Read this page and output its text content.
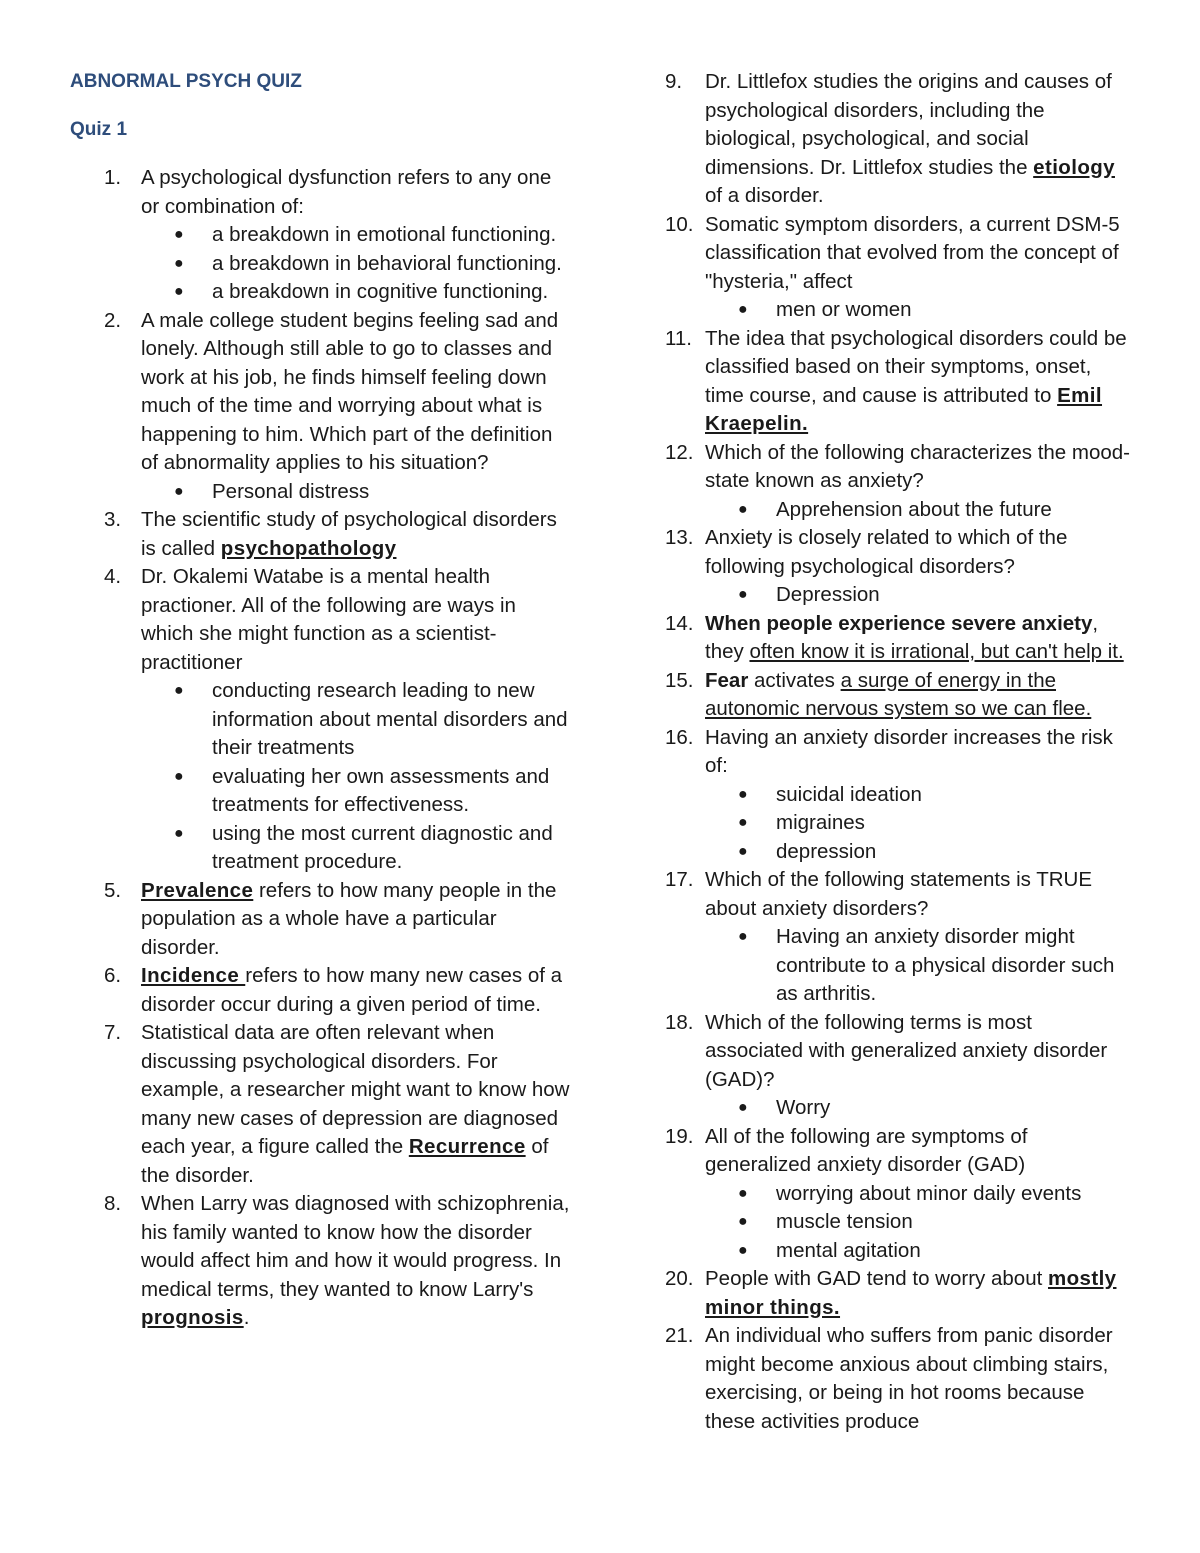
ABNORMAL PSYCH QUIZ

Quiz 1

1. A psychological dysfunction refers to any one or combination of:
● a breakdown in emotional functioning.
● a breakdown in behavioral functioning.
● a breakdown in cognitive functioning.
2. A male college student begins feeling sad and lonely. Although still able to go to classes and work at his job, he finds himself feeling down much of the time and worrying about what is happening to him. Which part of the definition of abnormality applies to his situation?
● Personal distress
3. The scientific study of psychological disorders is called psychopathology
4. Dr. Okalemi Watabe is a mental health practioner. All of the following are ways in which she might function as a scientist-practitioner
● conducting research leading to new information about mental disorders and their treatments
● evaluating her own assessments and treatments for effectiveness.
● using the most current diagnostic and treatment procedure.
5. Prevalence refers to how many people in the population as a whole have a particular disorder.
6. Incidence refers to how many new cases of a disorder occur during a given period of time.
7. Statistical data are often relevant when discussing psychological disorders. For example, a researcher might want to know how many new cases of depression are diagnosed each year, a figure called the Recurrence of the disorder.
8. When Larry was diagnosed with schizophrenia, his family wanted to know how the disorder would affect him and how it would progress. In medical terms, they wanted to know Larry's prognosis.
9. Dr. Littlefox studies the origins and causes of psychological disorders, including the biological, psychological, and social dimensions. Dr. Littlefox studies the etiology of a disorder.
10. Somatic symptom disorders, a current DSM-5 classification that evolved from the concept of "hysteria," affect
● men or women
11. The idea that psychological disorders could be classified based on their symptoms, onset, time course, and cause is attributed to Emil Kraepelin.
12. Which of the following characterizes the mood-state known as anxiety?
● Apprehension about the future
13. Anxiety is closely related to which of the following psychological disorders?
● Depression
14. When people experience severe anxiety, they often know it is irrational, but can't help it.
15. Fear activates a surge of energy in the autonomic nervous system so we can flee.
16. Having an anxiety disorder increases the risk of:
● suicidal ideation
● migraines
● depression
17. Which of the following statements is TRUE about anxiety disorders?
● Having an anxiety disorder might contribute to a physical disorder such as arthritis.
18. Which of the following terms is most associated with generalized anxiety disorder (GAD)?
● Worry
19. All of the following are symptoms of generalized anxiety disorder (GAD)
● worrying about minor daily events
● muscle tension
● mental agitation
20. People with GAD tend to worry about mostly minor things.
21. An individual who suffers from panic disorder might become anxious about climbing stairs, exercising, or being in hot rooms because these activities produce
